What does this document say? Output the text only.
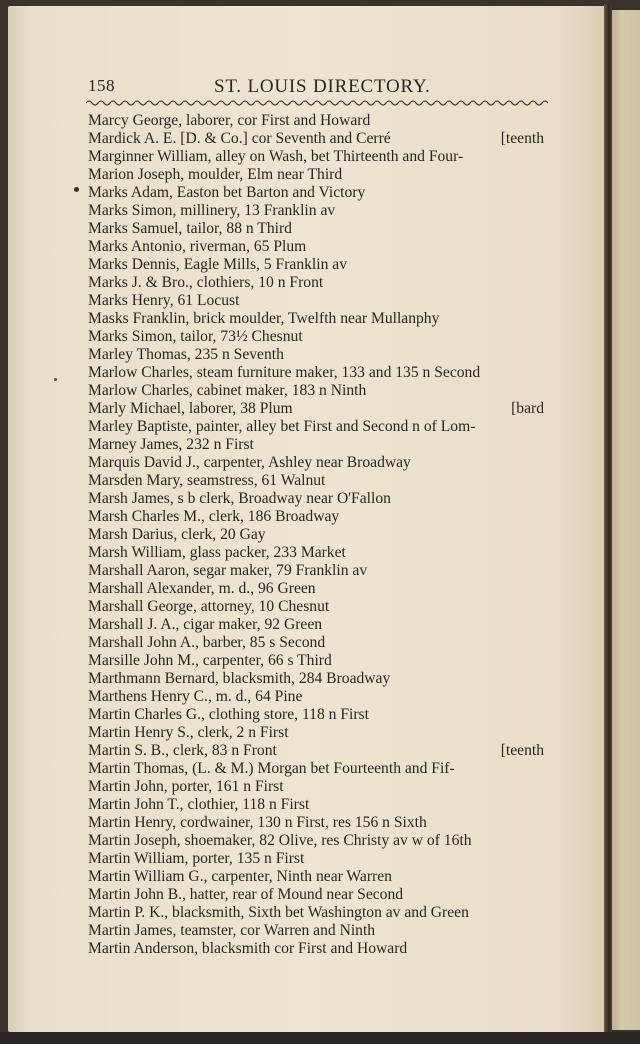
158	ST. LOUIS DIRECTORY.
Marcy George, laborer, cor First and Howard
Mardick A. E. [D. & Co.] cor Seventh and Cerré	[teenth
Marginner William, alley on Wash, bet Thirteenth and Four-
Marion Joseph, moulder, Elm near Third
Marks Adam, Easton bet Barton and Victory
Marks Simon, millinery, 13 Franklin av
Marks Samuel, tailor, 88 n Third
Marks Antonio, riverman, 65 Plum
Marks Dennis, Eagle Mills, 5 Franklin av
Marks J. & Bro., clothiers, 10 n Front
Marks Henry, 61 Locust
Masks Franklin, brick moulder, Twelfth near Mullanphy
Marks Simon, tailor, 73½ Chesnut
Marley Thomas, 235 n Seventh
Marlow Charles, steam furniture maker, 133 and 135 n Second
Marlow Charles, cabinet maker, 183 n Ninth
Marly Michael, laborer, 38 Plum	[bard
Marley Baptiste, painter, alley bet First and Second n of Lom-
Marney James, 232 n First
Marquis David J., carpenter, Ashley near Broadway
Marsden Mary, seamstress, 61 Walnut
Marsh James, s b clerk, Broadway near O'Fallon
Marsh Charles M., clerk, 186 Broadway
Marsh Darius, clerk, 20 Gay
Marsh William, glass packer, 233 Market
Marshall Aaron, segar maker, 79 Franklin av
Marshall Alexander, m. d., 96 Green
Marshall George, attorney, 10 Chesnut
Marshall J. A., cigar maker, 92 Green
Marshall John A., barber, 85 s Second
Marsille John M., carpenter, 66 s Third
Marthmann Bernard, blacksmith, 284 Broadway
Marthens Henry C., m. d., 64 Pine
Martin Charles G., clothing store, 118 n First
Martin Henry S., clerk, 2 n First
Martin S. B., clerk, 83 n Front	[teenth
Martin Thomas, (L. & M.) Morgan bet Fourteenth and Fif-
Martin John, porter, 161 n First
Martin John T., clothier, 118 n First
Martin Henry, cordwainer, 130 n First, res 156 n Sixth
Martin Joseph, shoemaker, 82 Olive, res Christy av w of 16th
Martin William, porter, 135 n First
Martin William G., carpenter, Ninth near Warren
Martin John B., hatter, rear of Mound near Second
Martin P. K., blacksmith, Sixth bet Washington av and Green
Martin James, teamster, cor Warren and Ninth
Martin Anderson, blacksmith cor First and Howard
